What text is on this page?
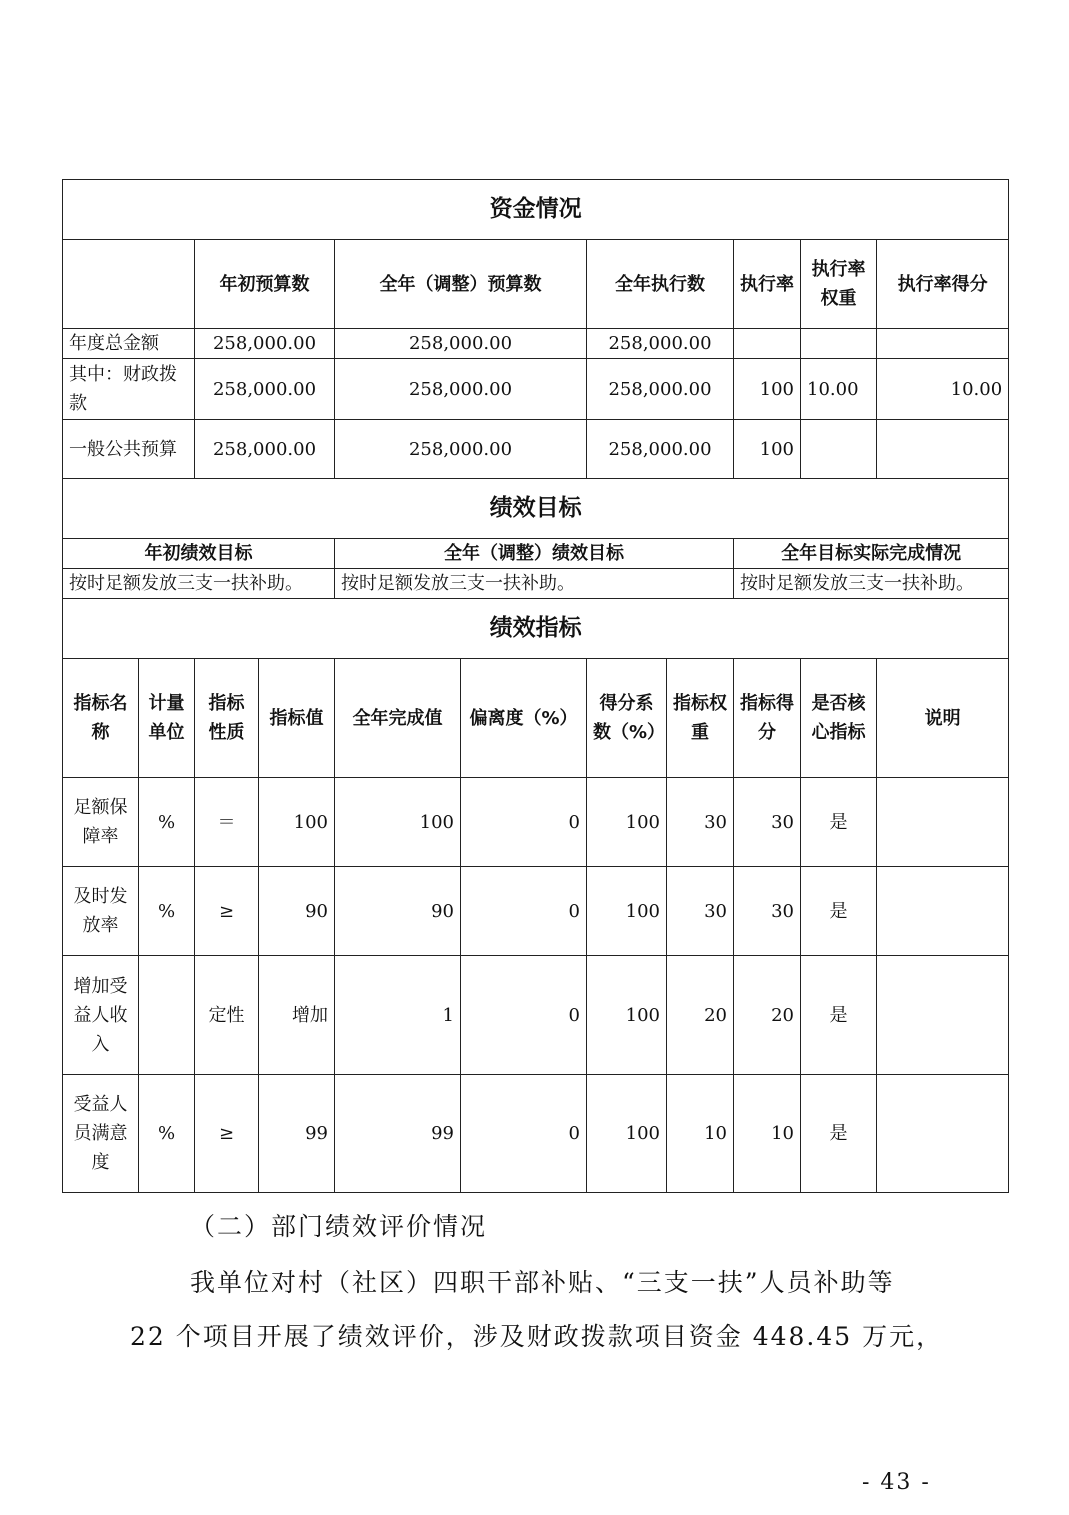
资金情况										
		年初预算数		全年（调整）预算数		全年执行数		执行率	执行率权重	执行率得分
年度总金额		258,000.00		258,000.00		258,000.00				
其中：财政拨款		258,000.00		258,000.00		258,000.00		100	10.00	10.00
一般公共预算		258,000.00		258,000.00		258,000.00		100		
绩效目标										
年初绩效目标				全年（调整）绩效目标				全年目标实际完成情况		
按时足额发放三支一扶补助。				按时足额发放三支一扶补助。				按时足额发放三支一扶补助。		
绩效指标										
指标名称	计量单位	指标性质	指标值	全年完成值	偏离度（%）	得分系数（%）	指标权重	指标得分	是否核心指标	说明
足额保障率	%	＝	100	100	0	100	30	30	是	
及时发放率	%	≥	90	90	0	100	30	30	是	
增加受益人收入		定性	增加	1	0	100	20	20	是	
受益人员满意度	%	≥	99	99	0	100	10	10	是	
（二）部门绩效评价情况
我单位对村（社区）四职干部补贴、“三支一扶”人员补助等
22 个项目开展了绩效评价，涉及财政拨款项目资金 448.45 万元，
- 43 -
